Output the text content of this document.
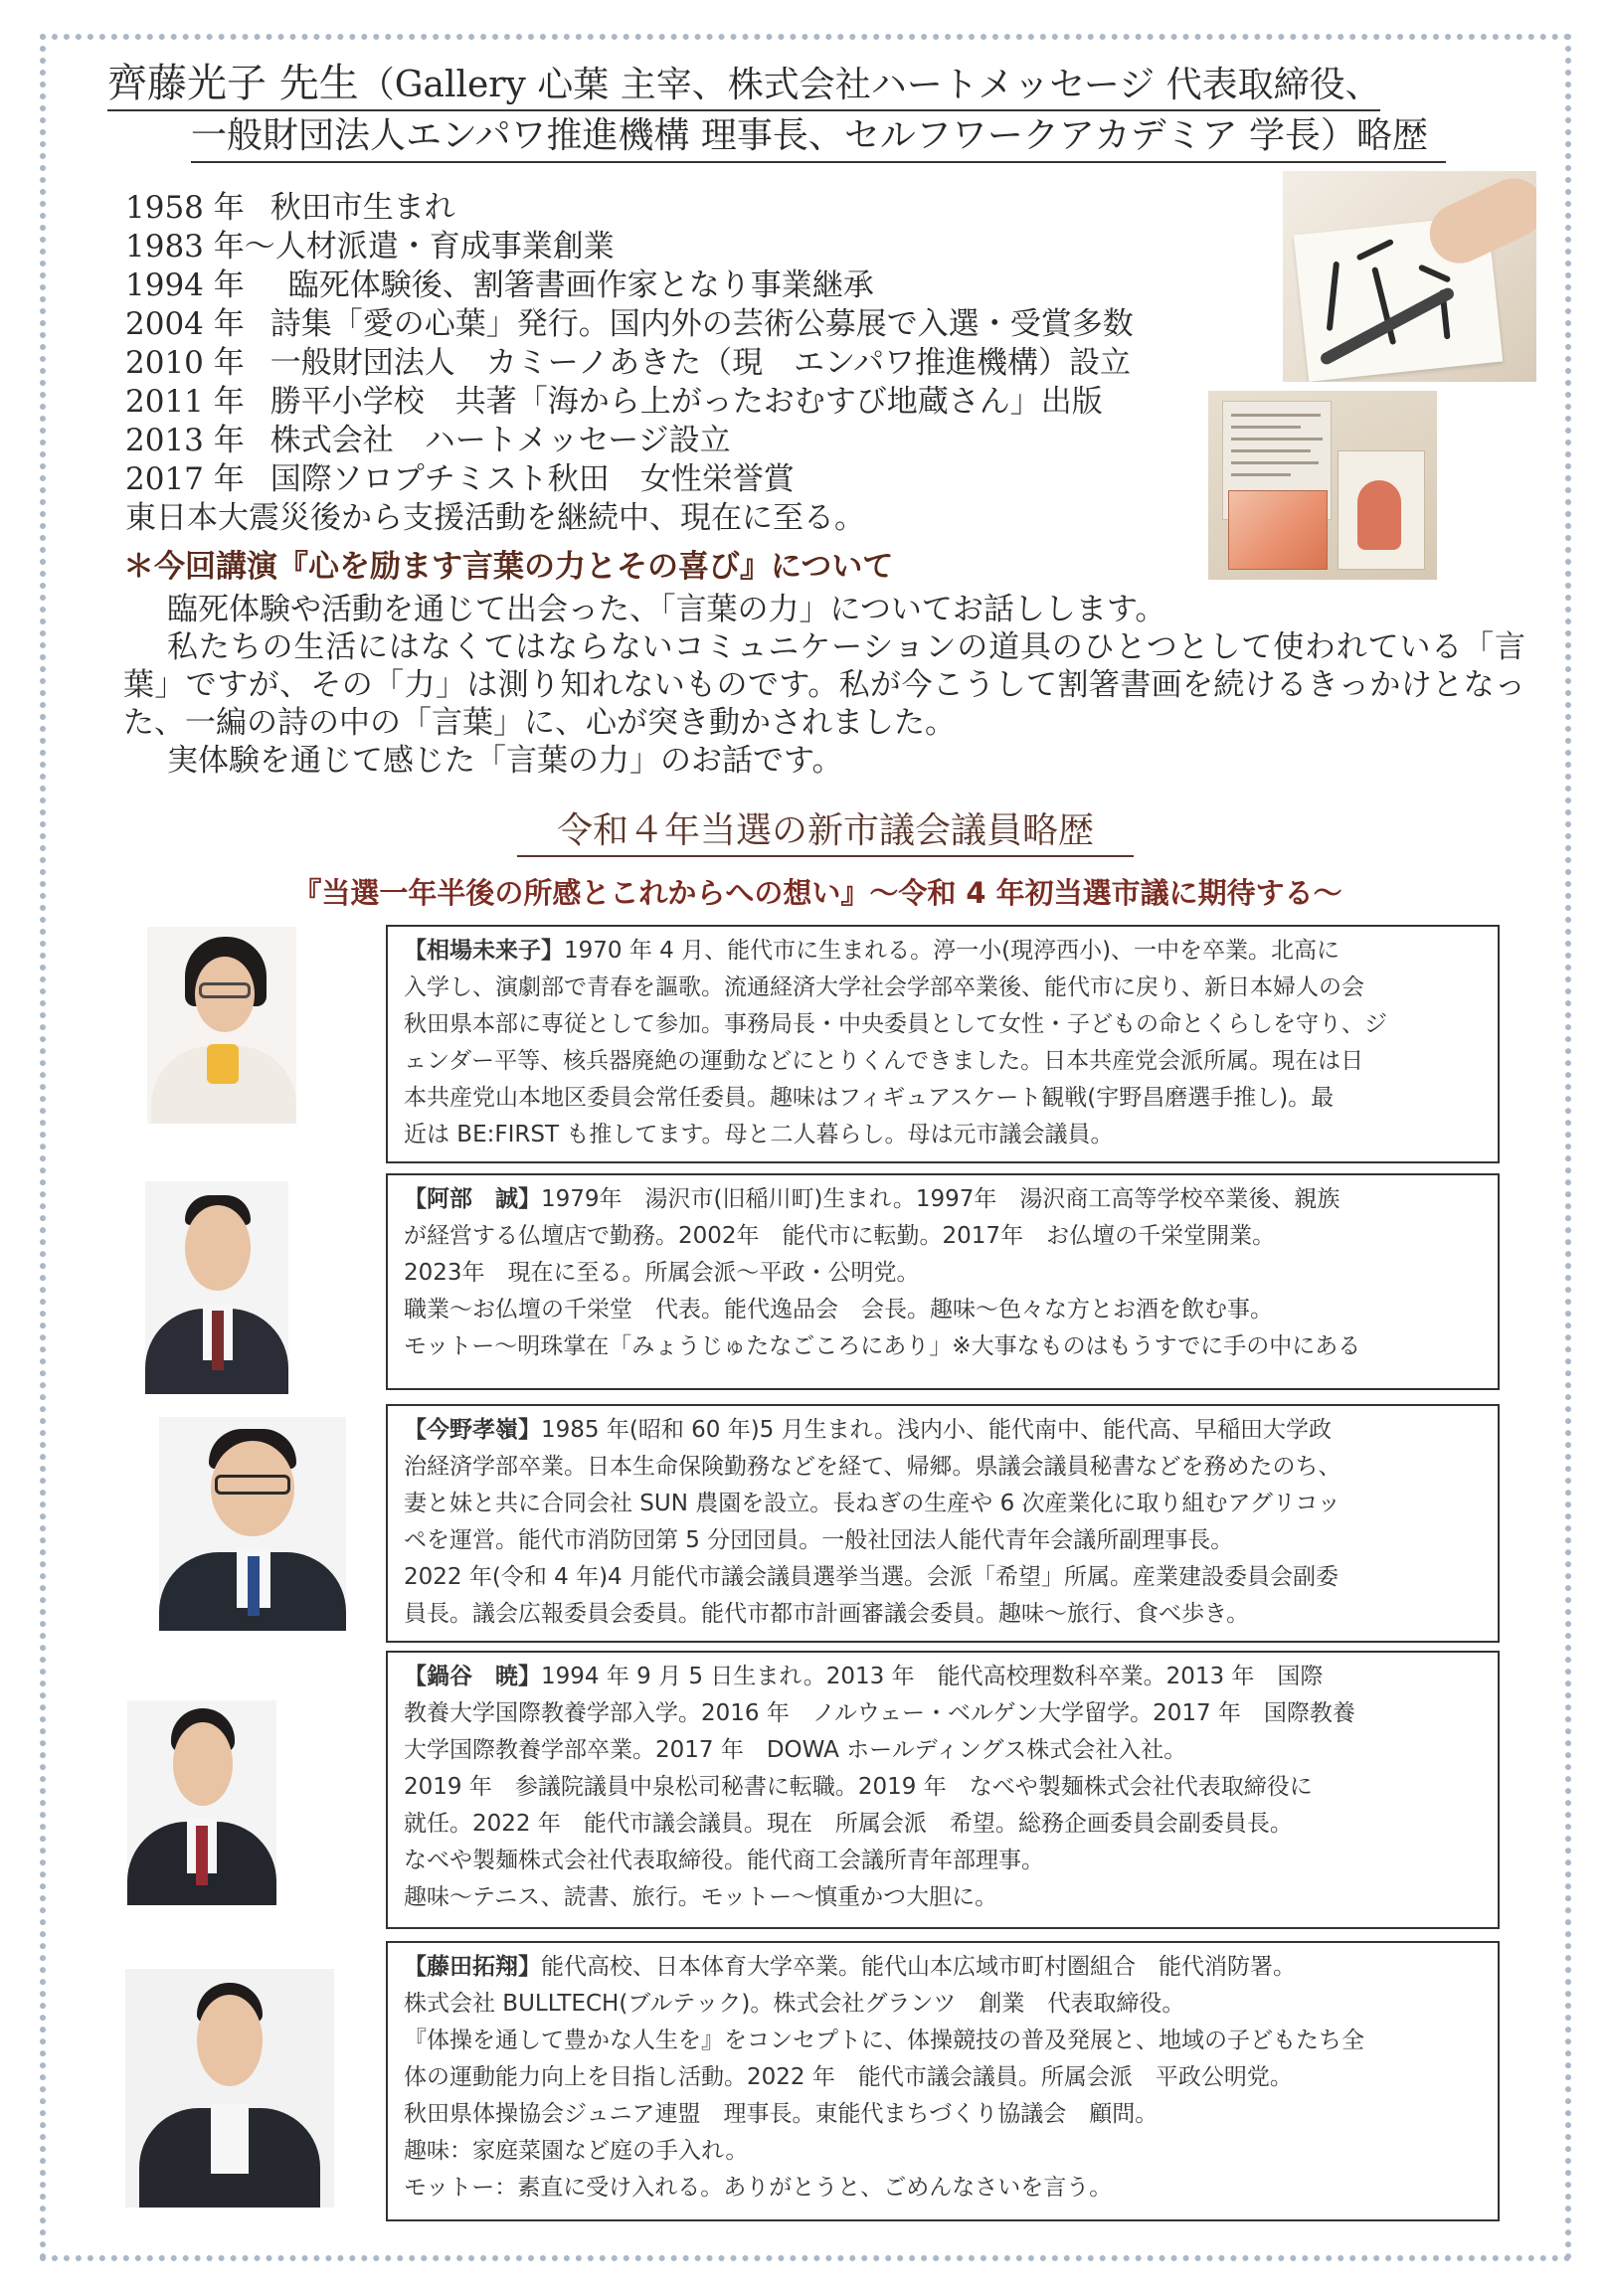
齊藤光子 先生（Gallery 心葉 主宰、株式会社ハートメッセージ 代表取締役、
一般財団法人エンパワ推進機構 理事長、セルフワークアカデミア 学長）略歴
1958 年 秋田市生まれ
1983 年～ 人材派遣・育成事業創業
1994 年 臨死体験後、割箸書画作家となり事業継承
2004 年 詩集「愛の心葉」発行。国内外の芸術公募展で入選・受賞多数
2010 年 一般財団法人　カミーノあきた（現　エンパワ推進機構）設立
2011 年 勝平小学校　共著「海から上がったおむすび地蔵さん」出版
2013 年 株式会社　ハートメッセージ設立
2017 年 国際ソロプチミスト秋田　女性栄誉賞
東日本大震災後から支援活動を継続中、現在に至る。
＊今回講演『心を励ます言葉の力とその喜び』について

臨死体験や活動を通じて出会った、「言葉の力」についてお話しします。

私たちの生活にはなくてはならないコミュニケーションの道具のひとつとして使われている「言葉」ですが、その「力」は測り知れないものです。私が今こうして割箸書画を続けるきっかけとなった、一編の詩の中の「言葉」に、心が突き動かされました。

実体験を通じて感じた「言葉の力」のお話です。

令和４年当選の新市議会議員略歴
『当選一年半後の所感とこれからへの想い』～令和 4 年初当選市議に期待する～
【相場未来子】1970 年 4 月、能代市に生まれる。渟一小(現渟西小)、一中を卒業。北高に
入学し、演劇部で青春を謳歌。流通経済大学社会学部卒業後、能代市に戻り、新日本婦人の会
秋田県本部に専従として参加。事務局長・中央委員として女性・子どもの命とくらしを守り、ジ
ェンダー平等、核兵器廃絶の運動などにとりくんできました。日本共産党会派所属。現在は日
本共産党山本地区委員会常任委員。趣味はフィギュアスケート観戦(宇野昌磨選手推し)。最
近は BE:FIRST も推してます。母と二人暮らし。母は元市議会議員。
【阿部　誠】1979年　湯沢市(旧稲川町)生まれ。1997年　湯沢商工高等学校卒業後、親族
が経営する仏壇店で勤務。2002年　能代市に転勤。2017年　お仏壇の千栄堂開業。
2023年　現在に至る。所属会派～平政・公明党。
職業～お仏壇の千栄堂　代表。能代逸品会　会長。趣味～色々な方とお酒を飲む事。
モットー～明珠掌在「みょうじゅたなごころにあり」※大事なものはもうすでに手の中にある
【今野孝嶺】1985 年(昭和 60 年)5 月生まれ。浅内小、能代南中、能代高、早稲田大学政
治経済学部卒業。日本生命保険勤務などを経て、帰郷。県議会議員秘書などを務めたのち、
妻と妹と共に合同会社 SUN 農園を設立。長ねぎの生産や 6 次産業化に取り組むアグリコッ
ペを運営。能代市消防団第 5 分団団員。一般社団法人能代青年会議所副理事長。
2022 年(令和 4 年)4 月能代市議会議員選挙当選。会派「希望」所属。産業建設委員会副委
員長。議会広報委員会委員。能代市都市計画審議会委員。趣味～旅行、食べ歩き。
【鍋谷　暁】1994 年 9 月 5 日生まれ。2013 年　能代高校理数科卒業。2013 年　国際
教養大学国際教養学部入学。2016 年　ノルウェー・ベルゲン大学留学。2017 年　国際教養
大学国際教養学部卒業。2017 年　DOWA ホールディングス株式会社入社。
2019 年　参議院議員中泉松司秘書に転職。2019 年　なべや製麺株式会社代表取締役に
就任。2022 年　能代市議会議員。現在　所属会派　希望。総務企画委員会副委員長。
なべや製麺株式会社代表取締役。能代商工会議所青年部理事。
趣味～テニス、読書、旅行。モットー～慎重かつ大胆に。
【藤田拓翔】能代高校、日本体育大学卒業。能代山本広域市町村圏組合　能代消防署。
株式会社 BULLTECH(ブルテック)。株式会社グランツ　創業　代表取締役。
『体操を通して豊かな人生を』をコンセプトに、体操競技の普及発展と、地域の子どもたち全
体の運動能力向上を目指し活動。2022 年　能代市議会議員。所属会派　平政公明党。
秋田県体操協会ジュニア連盟　理事長。東能代まちづくり協議会　顧問。
趣味：家庭菜園など庭の手入れ。
モットー：素直に受け入れる。ありがとうと、ごめんなさいを言う。
